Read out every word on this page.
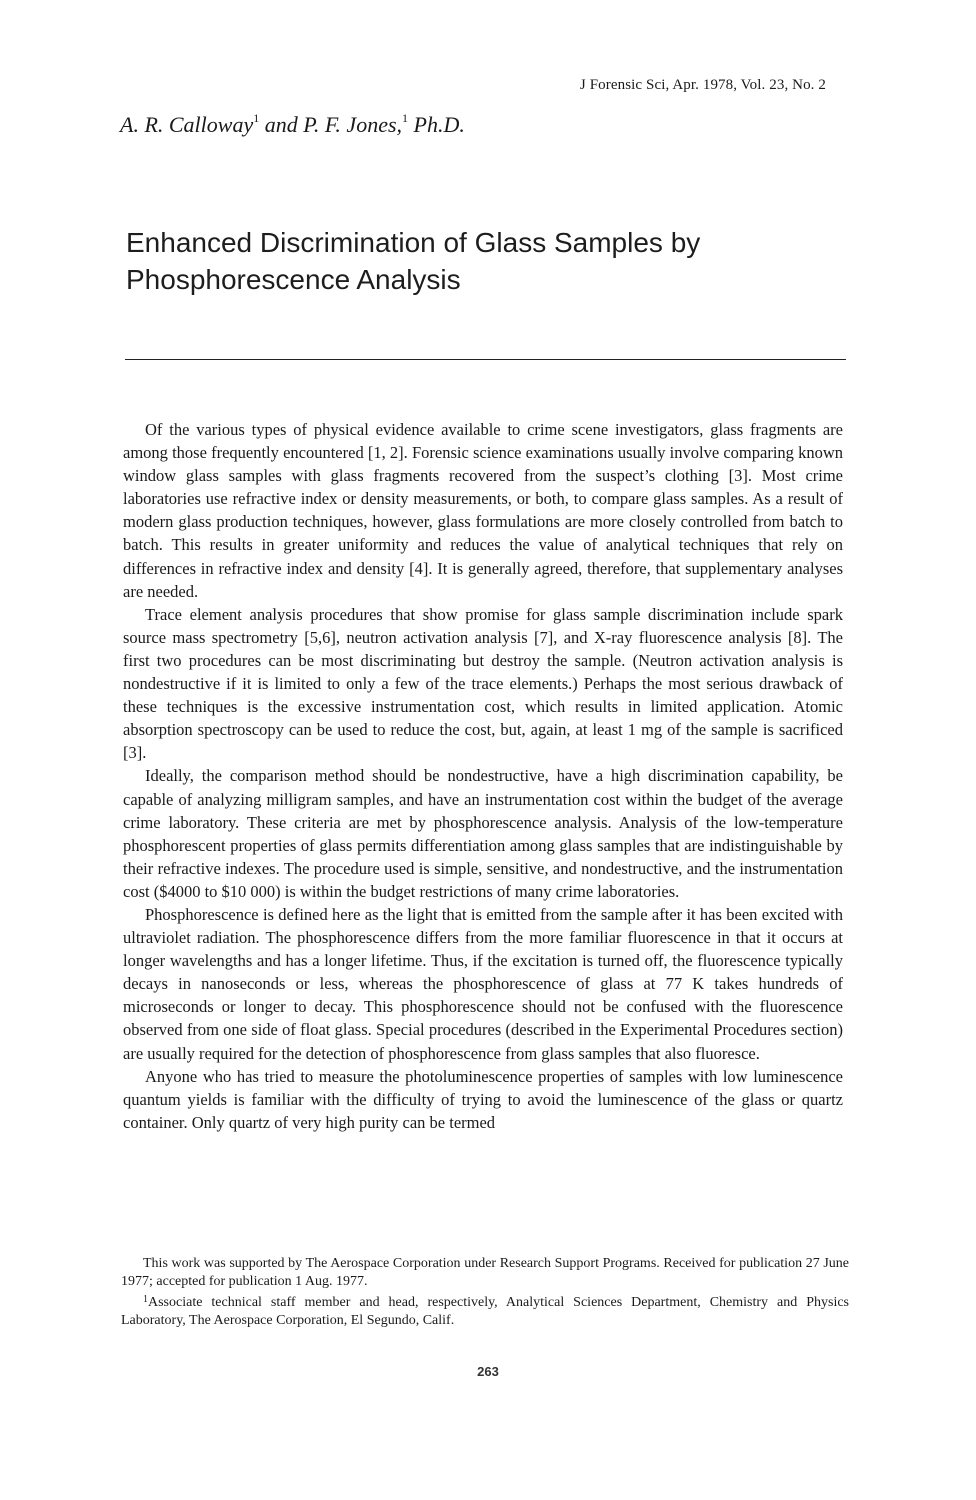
J Forensic Sci, Apr. 1978, Vol. 23, No. 2
A. R. Calloway$^1$ and P. F. Jones,$^1$ Ph.D.
Enhanced Discrimination of Glass Samples by
Phosphorescence Analysis

Of the various types of physical evidence available to crime scene investigators, glass fragments are among those frequently encountered [1, 2]. Forensic science examinations usually involve comparing known window glass samples with glass fragments recovered from the suspect’s clothing [3]. Most crime laboratories use refractive index or density measurements, or both, to compare glass samples. As a result of modern glass production techniques, however, glass formulations are more closely controlled from batch to batch. This results in greater uniformity and reduces the value of analytical techniques that rely on differences in refractive index and density [4]. It is generally agreed, therefore, that supplementary analyses are needed.

Trace element analysis procedures that show promise for glass sample discrimination include spark source mass spectrometry [5,6], neutron activation analysis [7], and X-ray fluorescence analysis [8]. The first two procedures can be most discriminating but destroy the sample. (Neutron activation analysis is nondestructive if it is limited to only a few of the trace elements.) Perhaps the most serious drawback of these techniques is the excessive instrumentation cost, which results in limited application. Atomic absorption spectroscopy can be used to reduce the cost, but, again, at least 1 mg of the sample is sacrificed [3].

Ideally, the comparison method should be nondestructive, have a high discrimination capability, be capable of analyzing milligram samples, and have an instrumentation cost within the budget of the average crime laboratory. These criteria are met by phosphorescence analysis. Analysis of the low-temperature phosphorescent properties of glass permits differentiation among glass samples that are indistinguishable by their refractive indexes. The procedure used is simple, sensitive, and nondestructive, and the instrumentation cost ($4000 to $10 000) is within the budget restrictions of many crime laboratories.

Phosphorescence is defined here as the light that is emitted from the sample after it has been excited with ultraviolet radiation. The phosphorescence differs from the more familiar fluorescence in that it occurs at longer wavelengths and has a longer lifetime. Thus, if the excitation is turned off, the fluorescence typically decays in nanoseconds or less, whereas the phosphorescence of glass at 77 K takes hundreds of microseconds or longer to decay. This phosphorescence should not be confused with the fluorescence observed from one side of float glass. Special procedures (described in the Experimental Procedures section) are usually required for the detection of phosphorescence from glass samples that also fluoresce.

Anyone who has tried to measure the photoluminescence properties of samples with low luminescence quantum yields is familiar with the difficulty of trying to avoid the luminescence of the glass or quartz container. Only quartz of very high purity can be termed

This work was supported by The Aerospace Corporation under Research Support Programs. Received for publication 27 June 1977; accepted for publication 1 Aug. 1977.

$^1$Associate technical staff member and head, respectively, Analytical Sciences Department, Chemistry and Physics Laboratory, The Aerospace Corporation, El Segundo, Calif.

263
